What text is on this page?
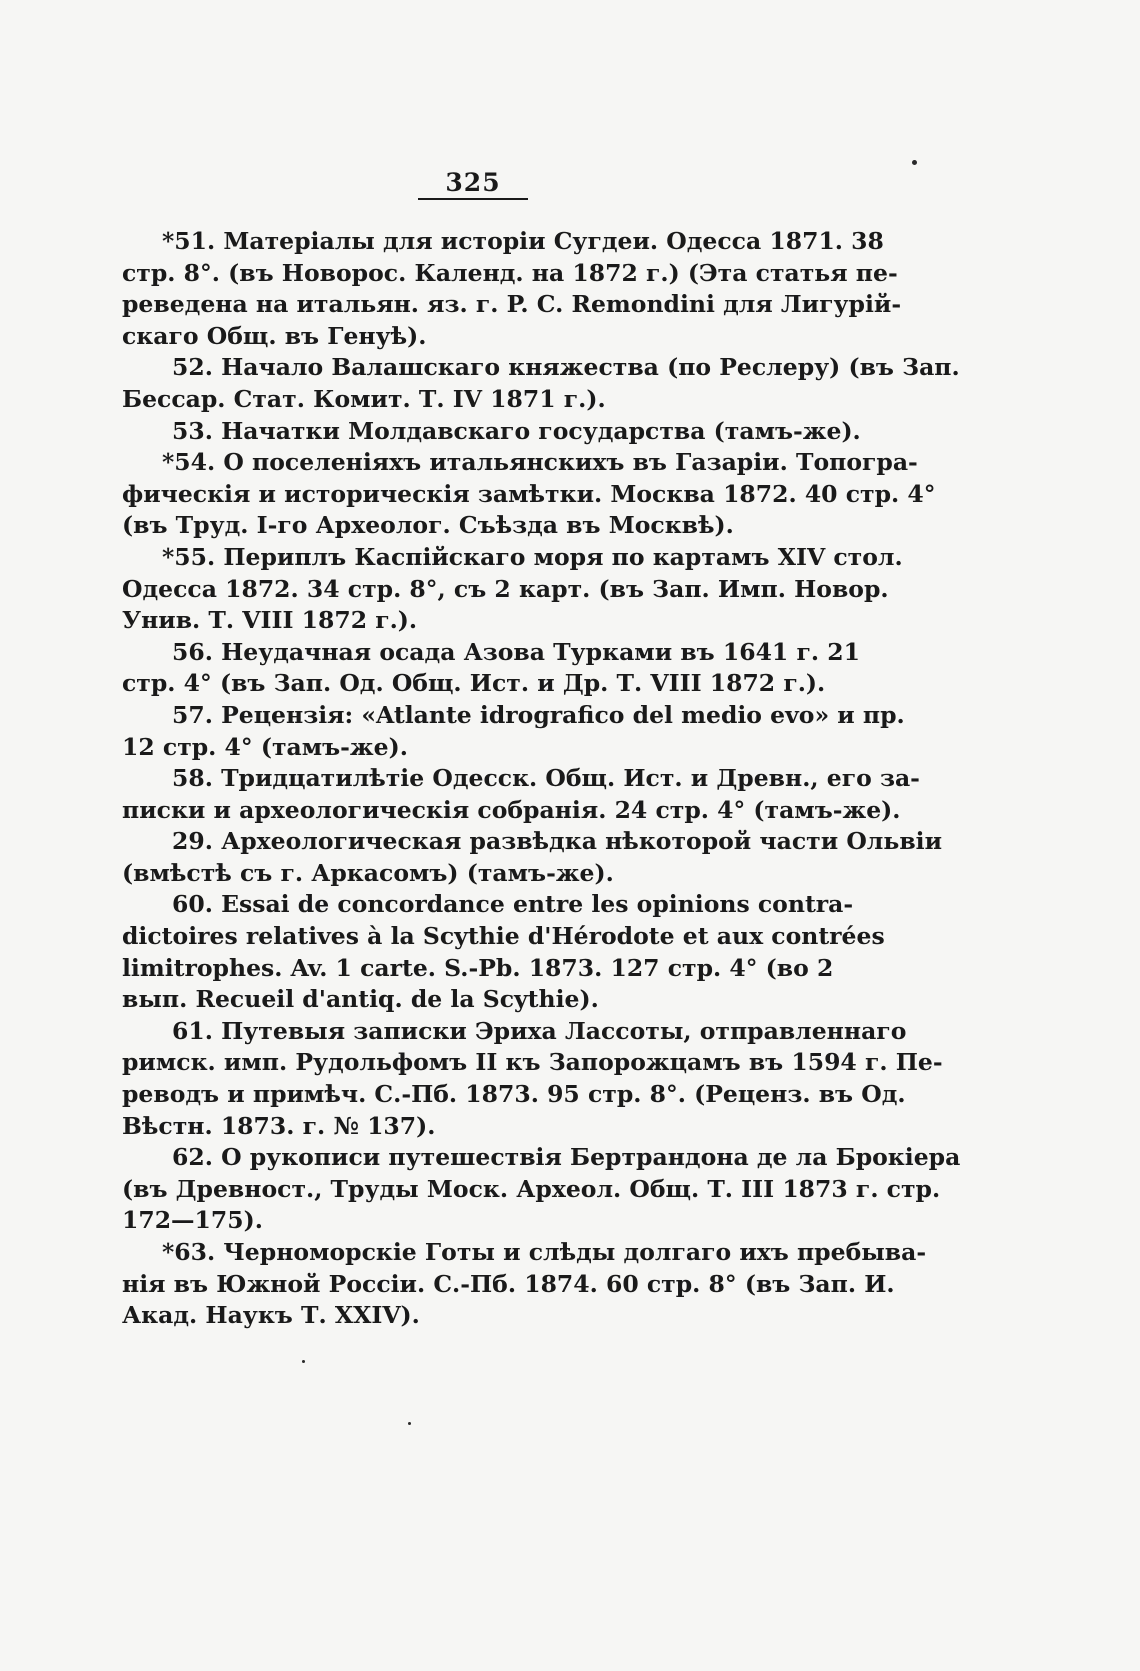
325
*51. Матеріалы для исторіи Сугдеи. Одесса 1871. 38
стр. 8°. (въ Новорос. Календ. на 1872 г.) (Эта статья пе-
реведена на итальян. яз. г. P. C. Remondini для Лигурій-
скаго Общ. въ Генуѣ).
52. Начало Валашскаго княжества (по Реслеру) (въ Зап.
Бессар. Стат. Комит. Т. IV 1871 г.).
53. Начатки Молдавскаго государства (тамъ-же).
*54. О поселеніяхъ итальянскихъ въ Газаріи. Топогра-
фическія и историческія замѣтки. Москва 1872. 40 стр. 4°
(въ Труд. I-го Археолог. Съѣзда въ Москвѣ).
*55. Периплъ Каспійскаго моря по картамъ XIV стол.
Одесса 1872. 34 стр. 8°, съ 2 карт. (въ Зап. Имп. Новор.
Унив. Т. VIII 1872 г.).
56. Неудачная осада Азова Турками въ 1641 г. 21
стр. 4° (въ Зап. Од. Общ. Ист. и Др. Т. VIII 1872 г.).
57. Рецензія: «Atlante idrografico del medio evo» и пр.
12 стр. 4° (тамъ-же).
58. Тридцатилѣтіе Одесск. Общ. Ист. и Древн., его за-
писки и археологическія собранія. 24 стр. 4° (тамъ-же).
29. Археологическая развѣдка нѣкоторой части Ольвіи
(вмѣстѣ съ г. Аркасомъ) (тамъ-же).
60. Essai de concordance entre les opinions contra-
dictoires relatives à la Scythie d'Hérodote et aux contrées
limitrophes. Av. 1 carte. S.-Pb. 1873. 127 стр. 4° (во 2
вып. Recueil d'antiq. de la Scythie).
61. Путевыя записки Эриха Лассоты, отправленнаго
римск. имп. Рудольфомъ II къ Запорожцамъ въ 1594 г. Пе-
реводъ и примѣч. С.-Пб. 1873. 95 стр. 8°. (Реценз. въ Од.
Вѣстн. 1873. г. № 137).
62. О рукописи путешествія Бертрандона де ла Брокіера
(въ Древност., Труды Моск. Археол. Общ. Т. III 1873 г. стр.
172—175).
*63. Черноморскіе Готы и слѣды долгаго ихъ пребыва-
нія въ Южной Россіи. С.-Пб. 1874. 60 стр. 8° (въ Зап. И.
Акад. Наукъ Т. XXIV).
